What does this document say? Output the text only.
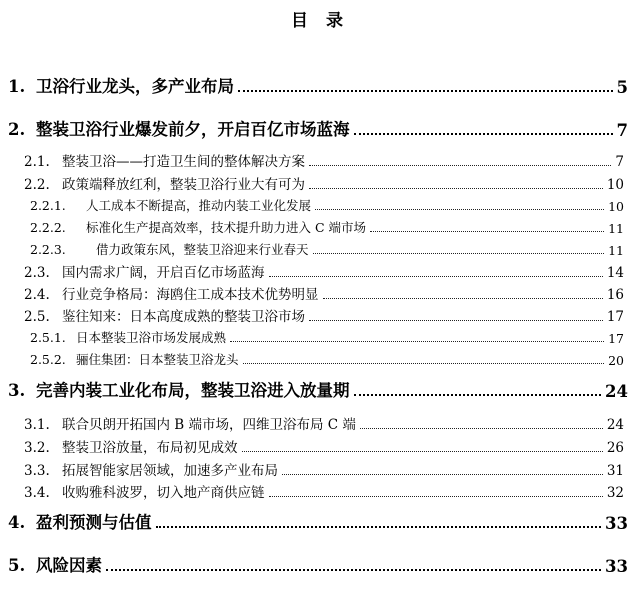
目 录
1. 卫浴行业龙头，多产业布局	5
2. 整装卫浴行业爆发前夕，开启百亿市场蓝海	7
2.1. 整装卫浴——打造卫生间的整体解决方案	7
2.2. 政策端释放红利，整装卫浴行业大有可为	10
2.2.1. 人工成本不断提高，推动内装工业化发展	10
2.2.2. 标准化生产提高效率，技术提升助力进入 C 端市场	11
2.2.3. 借力政策东风，整装卫浴迎来行业春天	11
2.3. 国内需求广阔，开启百亿市场蓝海	14
2.4. 行业竞争格局：海鸥住工成本技术优势明显	16
2.5. 鉴往知来：日本高度成熟的整装卫浴市场	17
2.5.1. 日本整装卫浴市场发展成熟	17
2.5.2. 骊住集团：日本整装卫浴龙头	20
3. 完善内装工业化布局，整装卫浴进入放量期	24
3.1. 联合贝朗开拓国内 B 端市场，四维卫浴布局 C 端	24
3.2. 整装卫浴放量，布局初见成效	26
3.3. 拓展智能家居领域，加速多产业布局	31
3.4. 收购雅科波罗，切入地产商供应链	32
4. 盈利预测与估值	33
5. 风险因素	33
